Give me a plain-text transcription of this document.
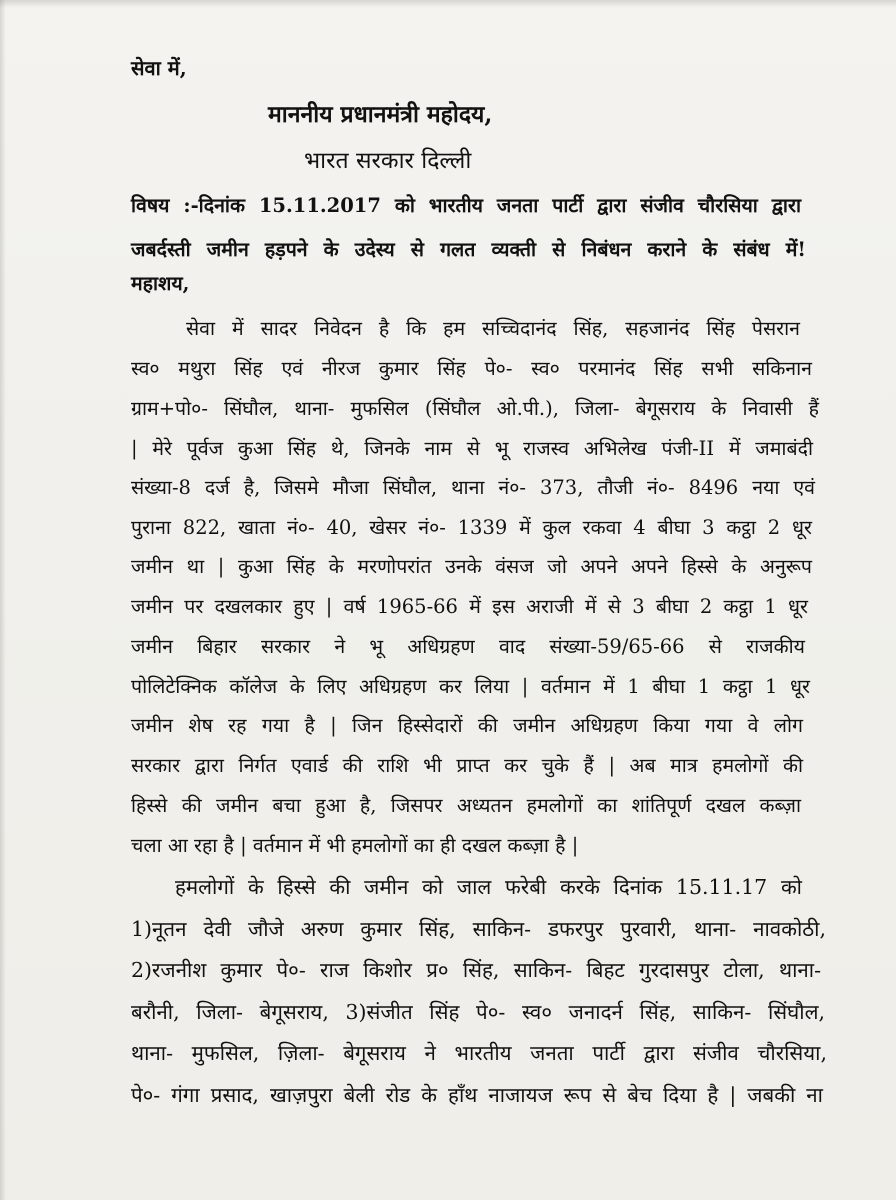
सेवा में,
माननीय प्रधानमंत्री महोदय,
भारत सरकार दिल्ली
विषय :-दिनांक 15.11.2017 को भारतीय जनता पार्टी द्वारा संजीव चौरसिया द्वारा
जबर्दस्ती जमीन हड़पने के उदेस्य से गलत व्यक्ती से निबंधन कराने के संबंध में!
महाशय,
सेवा में सादर निवेदन है कि हम सच्चिदानंद सिंह, सहजानंद सिंह पेसरान
स्व० मथुरा सिंह एवं नीरज कुमार सिंह पे०- स्व० परमानंद सिंह सभी सकिनान
ग्राम+पो०- सिंघौल, थाना- मुफसिल (सिंघौल ओ.पी.), जिला- बेगूसराय के निवासी हैं
| मेरे पूर्वज कुआ सिंह थे, जिनके नाम से भू राजस्व अभिलेख पंजी-II में जमाबंदी
संख्या-8 दर्ज है, जिसमे मौजा सिंघौल, थाना नं०- 373, तौजी नं०- 8496 नया एवं
पुराना 822, खाता नं०- 40, खेसर नं०- 1339 में कुल रकवा 4 बीघा 3 कट्ठा 2 धूर
जमीन था | कुआ सिंह के मरणोपरांत उनके वंसज जो अपने अपने हिस्से के अनुरूप
जमीन पर दखलकार हुए | वर्ष 1965-66 में इस अराजी में से 3 बीघा 2 कट्ठा 1 धूर
जमीन बिहार सरकार ने भू अधिग्रहण वाद संख्या-59/65-66 से राजकीय
पोलिटेक्निक कॉलेज के लिए अधिग्रहण कर लिया | वर्तमान में 1 बीघा 1 कट्ठा 1 धूर
जमीन शेष रह गया है | जिन हिस्सेदारों की जमीन अधिग्रहण किया गया वे लोग
सरकार द्वारा निर्गत एवार्ड की राशि भी प्राप्त कर चुके हैं | अब मात्र हमलोगों की
हिस्से की जमीन बचा हुआ है, जिसपर अध्यतन हमलोगों का शांतिपूर्ण दखल कब्ज़ा
चला आ रहा है | वर्तमान में भी हमलोगों का ही दखल कब्ज़ा है |
हमलोगों के हिस्से की जमीन को जाल फरेबी करके दिनांक 15.11.17 को
1)नूतन देवी जौजे अरुण कुमार सिंह, साकिन- डफरपुर पुरवारी, थाना- नावकोठी,
2)रजनीश कुमार पे०- राज किशोर प्र० सिंह, साकिन- बिहट गुरदासपुर टोला, थाना-
बरौनी, जिला- बेगूसराय, 3)संजीत सिंह पे०- स्व० जनादर्न सिंह, साकिन- सिंघौल,
थाना- मुफसिल, ज़िला- बेगूसराय ने भारतीय जनता पार्टी द्वारा संजीव चौरसिया,
पे०- गंगा प्रसाद, खाज़पुरा बेली रोड के हाँथ नाजायज रूप से बेच दिया है | जबकी ना
